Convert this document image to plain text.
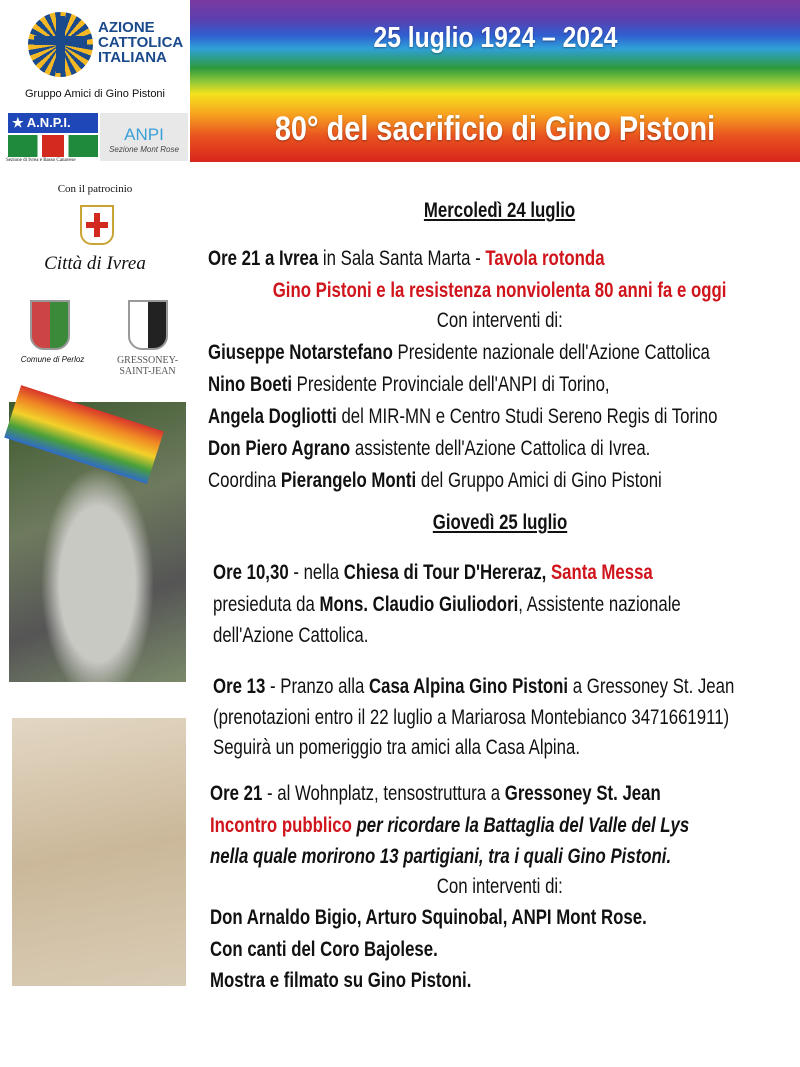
25 luglio 1924 – 2024
80° del sacrificio di Gino Pistoni
AZIONE
CATTOLICA
ITALIANA
Gruppo Amici di Gino Pistoni
★ A.N.P.I.
Sezione di Ivrea e Basso Canavese
ANPI
Sezione Mont Rose
Con il patrocinio
Città di Ivrea
Comune di Perloz	GRESSONEY-SAINT-JEAN
Mercoledì 24 luglio
Ore 21 a Ivrea in Sala Santa Marta - Tavola rotonda
Gino Pistoni e la resistenza nonviolenta 80 anni fa e oggi
Con interventi di:
Giuseppe Notarstefano Presidente nazionale dell'Azione Cattolica
Nino Boeti Presidente Provinciale dell'ANPI di Torino,
Angela Dogliotti del MIR-MN e Centro Studi Sereno Regis di Torino
Don Piero Agrano assistente dell'Azione Cattolica di Ivrea.
Coordina Pierangelo Monti del Gruppo Amici di Gino Pistoni
Giovedì 25 luglio
Ore 10,30 - nella Chiesa di Tour D'Hereraz, Santa Messa
presieduta da Mons. Claudio Giuliodori, Assistente nazionale
dell'Azione Cattolica.
Ore 13 - Pranzo alla Casa Alpina Gino Pistoni a Gressoney St. Jean
(prenotazioni entro il 22 luglio a Mariarosa Montebianco 3471661911)
Seguirà un pomeriggio tra amici alla Casa Alpina.
Ore 21 - al Wohnplatz, tensostruttura a Gressoney St. Jean
Incontro pubblico per ricordare la Battaglia del Valle del Lys
nella quale morirono 13 partigiani, tra i quali Gino Pistoni.
Con interventi di:
Don Arnaldo Bigio, Arturo Squinobal, ANPI Mont Rose.
Con canti del Coro Bajolese.
Mostra e filmato su Gino Pistoni.
